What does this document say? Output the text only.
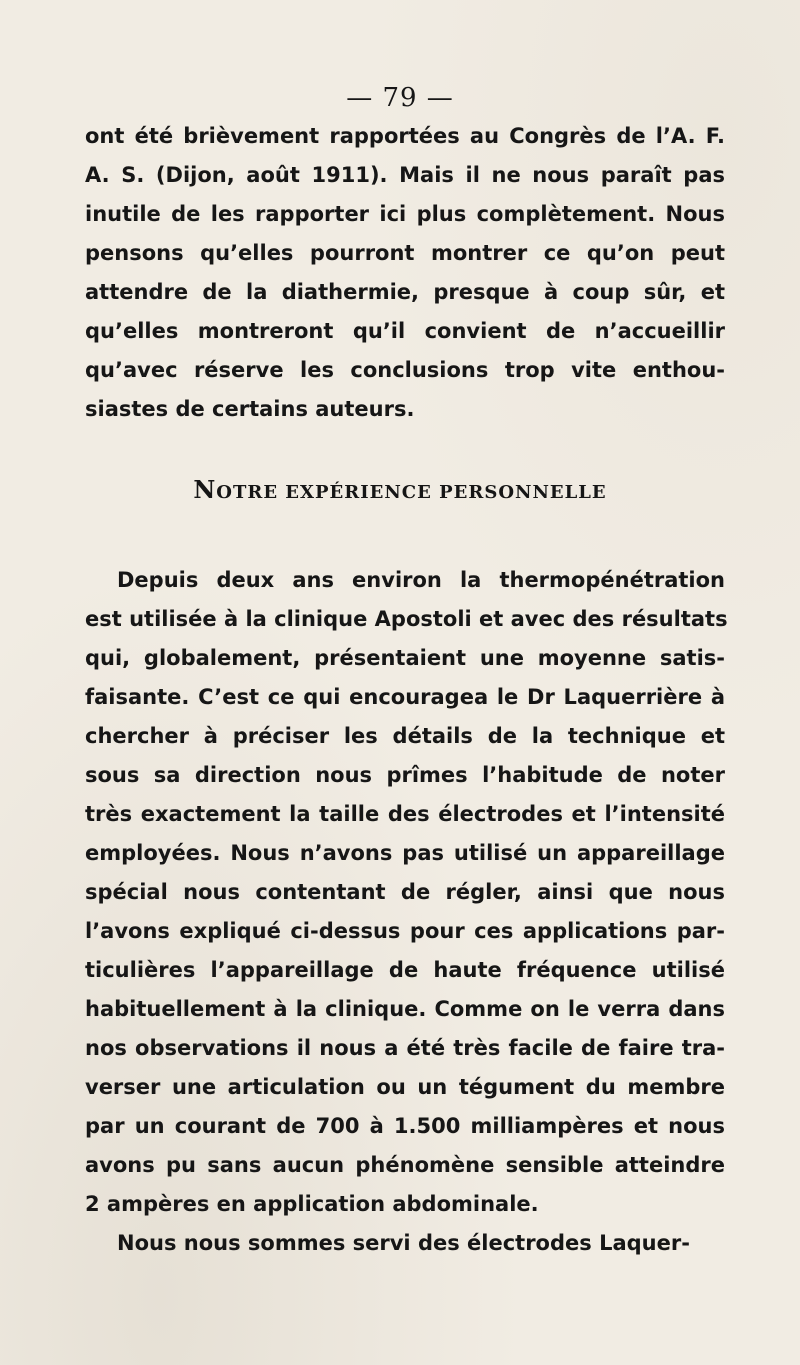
— 79 —
ont été brièvement rapportées au Congrès de l’A. F.
A. S. (Dijon, août 1911). Mais il ne nous paraît pas
inutile de les rapporter ici plus complètement. Nous
pensons qu’elles pourront montrer ce qu’on peut
attendre de la diathermie, presque à coup sûr, et
qu’elles montreront qu’il convient de n’accueillir
qu’avec réserve les conclusions trop vite enthou-
siastes de certains auteurs.
NOTRE EXPÉRIENCE PERSONNELLE
Depuis deux ans environ la thermopénétration
est utilisée à la clinique Apostoli et avec des résultats
qui, globalement, présentaient une moyenne satis-
faisante. C’est ce qui encouragea le Dr Laquerrière à
chercher à préciser les détails de la technique et
sous sa direction nous prîmes l’habitude de noter
très exactement la taille des électrodes et l’intensité
employées. Nous n’avons pas utilisé un appareillage
spécial nous contentant de régler, ainsi que nous
l’avons expliqué ci-dessus pour ces applications par-
ticulières l’appareillage de haute fréquence utilisé
habituellement à la clinique. Comme on le verra dans
nos observations il nous a été très facile de faire tra-
verser une articulation ou un tégument du membre
par un courant de 700 à 1.500 milliampères et nous
avons pu sans aucun phénomène sensible atteindre
2 ampères en application abdominale.
Nous nous sommes servi des électrodes Laquer-
